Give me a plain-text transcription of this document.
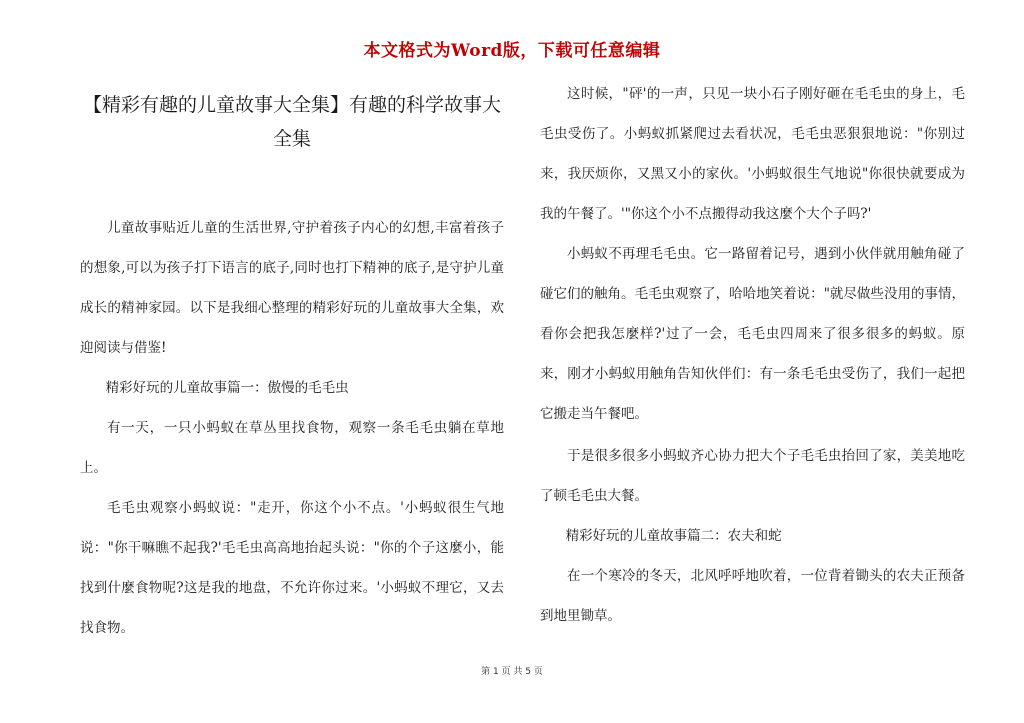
本文格式为Word版，下载可任意编辑
【精彩有趣的儿童故事大全集】有趣的科学故事大全集

儿童故事贴近儿童的生活世界,守护着孩子内心的幻想,丰富着孩子的想象,可以为孩子打下语言的底子,同时也打下精神的底子,是守护儿童成长的精神家园。以下是我细心整理的精彩好玩的儿童故事大全集，欢迎阅读与借鉴!

精彩好玩的儿童故事篇一：傲慢的毛毛虫

有一天，一只小蚂蚁在草丛里找食物，观察一条毛毛虫躺在草地上。

毛毛虫观察小蚂蚁说："走开，你这个小不点。'小蚂蚁很生气地说："你干嘛瞧不起我?'毛毛虫高高地抬起头说："你的个子这麼小，能找到什麼食物呢?这是我的地盘，不允许你过来。'小蚂蚁不理它，又去找食物。

这时候，"砰'的一声，只见一块小石子刚好砸在毛毛虫的身上，毛毛虫受伤了。小蚂蚁抓紧爬过去看状况，毛毛虫恶狠狠地说："你别过来，我厌烦你，又黑又小的家伙。'小蚂蚁很生气地说"你很快就要成为我的午餐了。'"你这个小不点搬得动我这麼个大个子吗?'

小蚂蚁不再理毛毛虫。它一路留着记号，遇到小伙伴就用触角碰了碰它们的触角。毛毛虫观察了，哈哈地笑着说："就尽做些没用的事情，看你会把我怎麼样?'过了一会，毛毛虫四周来了很多很多的蚂蚁。原来，刚才小蚂蚁用触角告知伙伴们：有一条毛毛虫受伤了，我们一起把它搬走当午餐吧。

于是很多很多小蚂蚁齐心协力把大个子毛毛虫抬回了家，美美地吃了顿毛毛虫大餐。

精彩好玩的儿童故事篇二：农夫和蛇

在一个寒冷的冬天，北风呼呼地吹着，一位背着锄头的农夫正预备到地里锄草。

第 1 页 共 5 页
